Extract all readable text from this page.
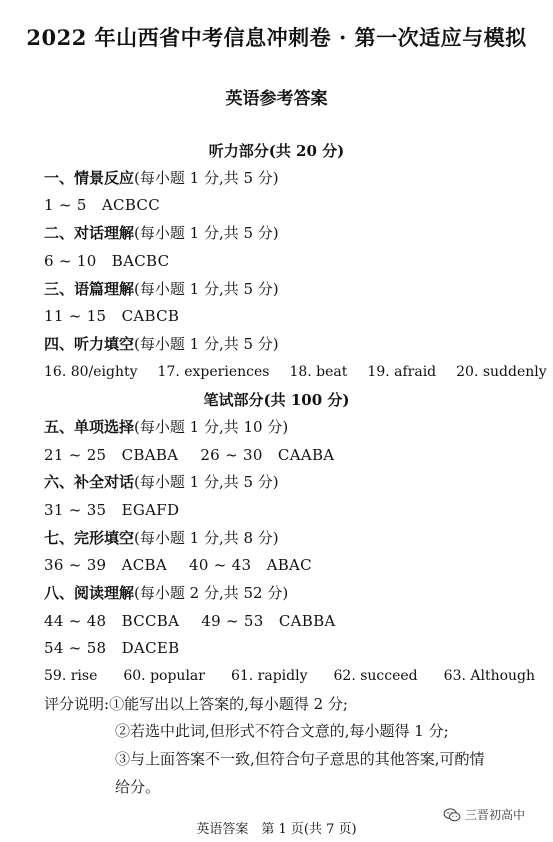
2022 年山西省中考信息冲刺卷 · 第一次适应与模拟
英语参考答案
听力部分(共 20 分)
一、情景反应(每小题 1 分,共 5 分)
1 ~ 5 ACBCC
二、对话理解(每小题 1 分,共 5 分)
6 ~ 10 BACBC
三、语篇理解(每小题 1 分,共 5 分)
11 ~ 15 CABCB
四、听力填空(每小题 1 分,共 5 分)
16. 80/eighty 17. experiences 18. beat 19. afraid 20. suddenly
笔试部分(共 100 分)
五、单项选择(每小题 1 分,共 10 分)
21 ~ 25 CBABA 26 ~ 30 CAABA
六、补全对话(每小题 1 分,共 5 分)
31 ~ 35 EGAFD
七、完形填空(每小题 1 分,共 8 分)
36 ~ 39 ACBA 40 ~ 43 ABAC
八、阅读理解(每小题 2 分,共 52 分)
44 ~ 48 BCCBA 49 ~ 53 CABBA
54 ~ 58 DACEB
59. rise 60. popular 61. rapidly 62. succeed 63. Although
评分说明:①能写出以上答案的,每小题得 2 分;
②若选中此词,但形式不符合文意的,每小题得 1 分;
③与上面答案不一致,但符合句子意思的其他答案,可酌情
给分。
三晋初高中
英语答案　第 1 页(共 7 页)
